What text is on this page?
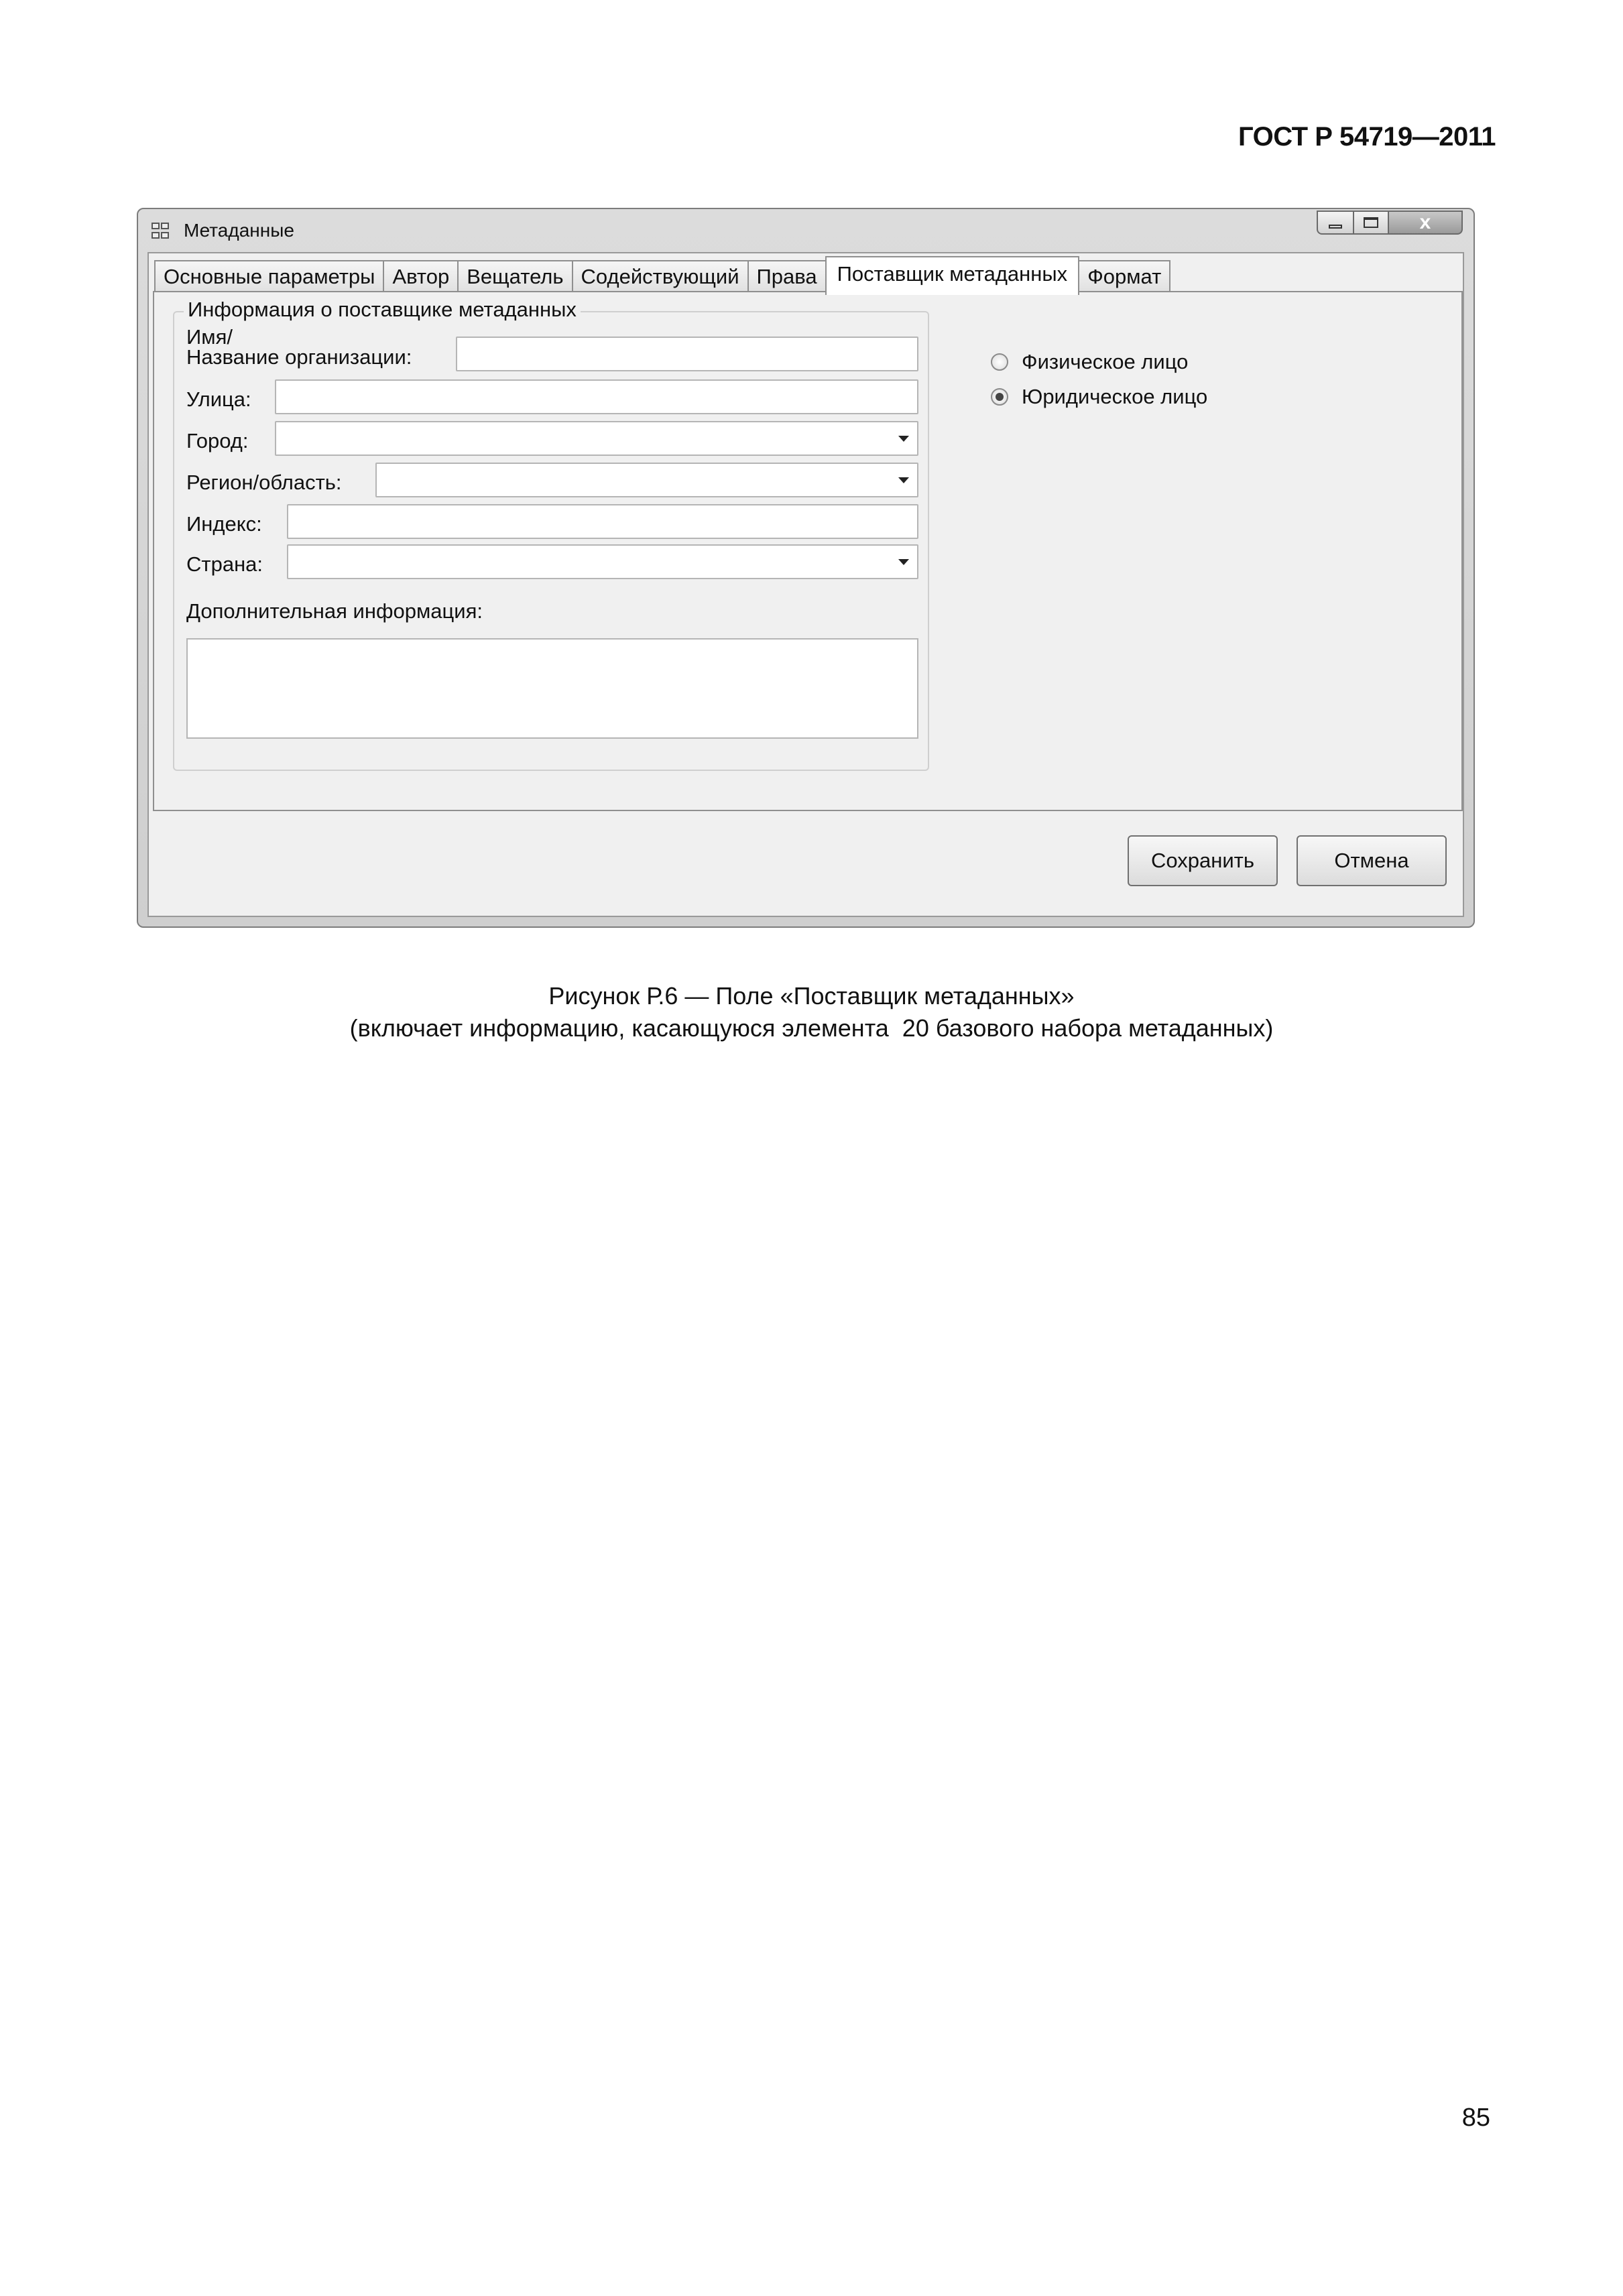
ГОСТ Р 54719—2011
Метаданные	x
Основные параметры Автор Вещатель Содействующий Права Поставщик метаданных Формат
Информация о поставщике метаданных
Имя/
Название организации:
Улица:
Город:
Регион/область:
Индекс:
Страна:
Дополнительная информация:
Физическое лицо
Юридическое лицо
Сохранить	Отмена
Рисунок Р.6 — Поле «Поставщик метаданных»
(включает информацию, касающуюся элемента  20 базового набора метаданных)
85
